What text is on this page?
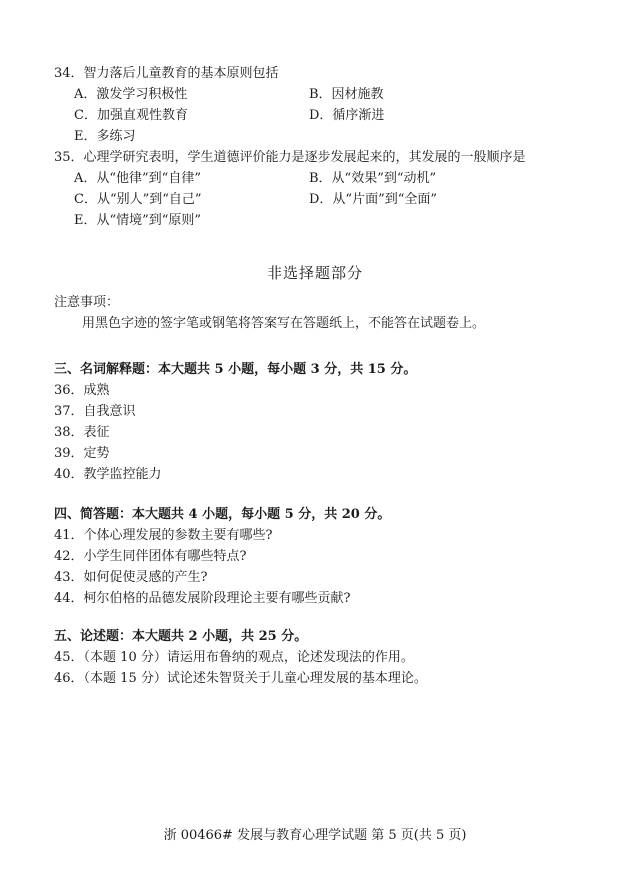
34．智力落后儿童教育的基本原则包括
A．激发学习积极性	B．因材施教
C．加强直观性教育	D．循序渐进
E．多练习
35．心理学研究表明，学生道德评价能力是逐步发展起来的，其发展的一般顺序是
A．从“他律”到“自律”	B．从“效果”到“动机”
C．从“别人”到“自己”	D．从“片面”到“全面”
E．从“情境”到“原则”
非选择题部分
注意事项：
用黑色字迹的签字笔或钢笔将答案写在答题纸上，不能答在试题卷上。
三、名词解释题：本大题共 5 小题，每小题 3 分，共 15 分。
36．成熟
37．自我意识
38．表征
39．定势
40．教学监控能力
四、简答题：本大题共 4 小题，每小题 5 分，共 20 分。
41．个体心理发展的参数主要有哪些?
42．小学生同伴团体有哪些特点?
43．如何促使灵感的产生?
44．柯尔伯格的品德发展阶段理论主要有哪些贡献?
五、论述题：本大题共 2 小题，共 25 分。
45．（本题 10 分）请运用布鲁纳的观点，论述发现法的作用。
46．（本题 15 分）试论述朱智贤关于儿童心理发展的基本理论。
浙 00466# 发展与教育心理学试题 第 5 页(共 5 页)
